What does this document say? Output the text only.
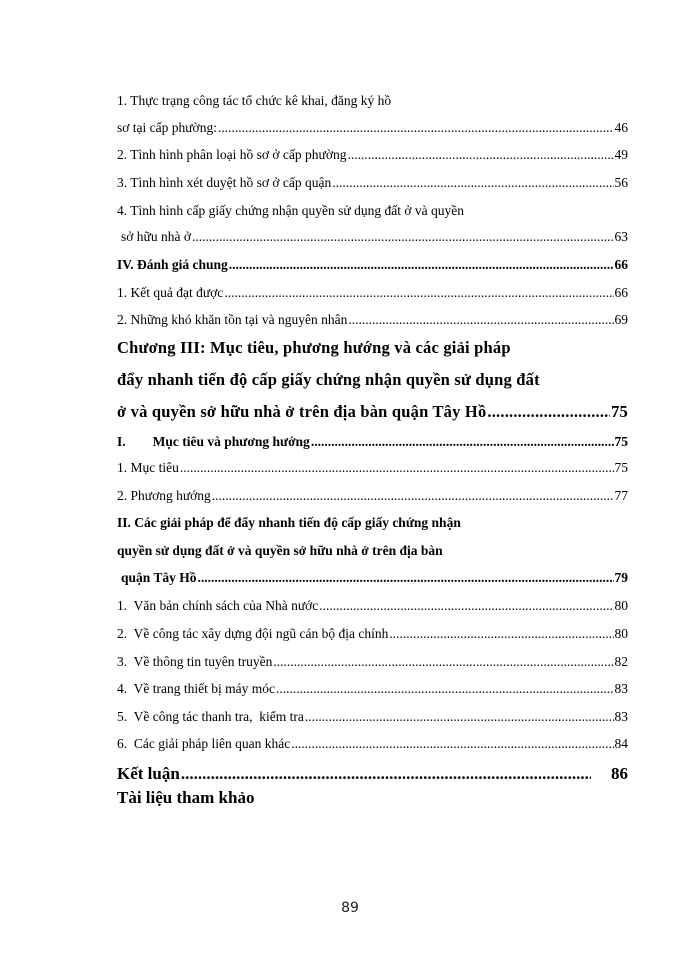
1. Thực trạng công tác tổ chức kê khai, đăng ký hồ
sơ tại cấp phường: .....	46
2. Tình hình phân loại hồ sơ ở cấp phường .....	49
3. Tình hình xét duyệt hồ sơ ở cấp quận .....	56
4. Tình hình cấp giấy chứng nhận quyền sử dụng đất ở và quyền
sở hữu nhà ở .....	63
IV. Đánh giá chung .....	66
1. Kết quả đạt được .....	66
2. Những khó khăn tồn tại và nguyên nhân .....	69
Chương III: Mục tiêu, phương hướng và các giải pháp
đẩy nhanh tiến độ cấp giấy chứng nhận quyền sử dụng đất
ở và quyền sở hữu nhà ở trên địa bàn quận Tây Hồ .....	75
I.        Mục tiêu và phương hướng .....	75
1. Mục tiêu .....	75
2. Phương hướng .....	77
II. Các giải pháp để đẩy nhanh tiến độ cấp giấy chứng nhận
quyền sử dụng đất ở và quyền sở hữu nhà ở trên địa bàn
quận Tây Hồ .....	79
1.  Văn bản chính sách của Nhà nước .....	80
2.  Về công tác xây dựng đội ngũ cán bộ địa chính .....	80
3.  Về thông tin tuyên truyền .....	82
4.  Về trang thiết bị máy móc .....	83
5.  Về công tác thanh tra,  kiểm tra .....	83
6.  Các giải pháp liên quan khác .....	84
Kết luận .....	86
Tài liệu tham khảo
89
